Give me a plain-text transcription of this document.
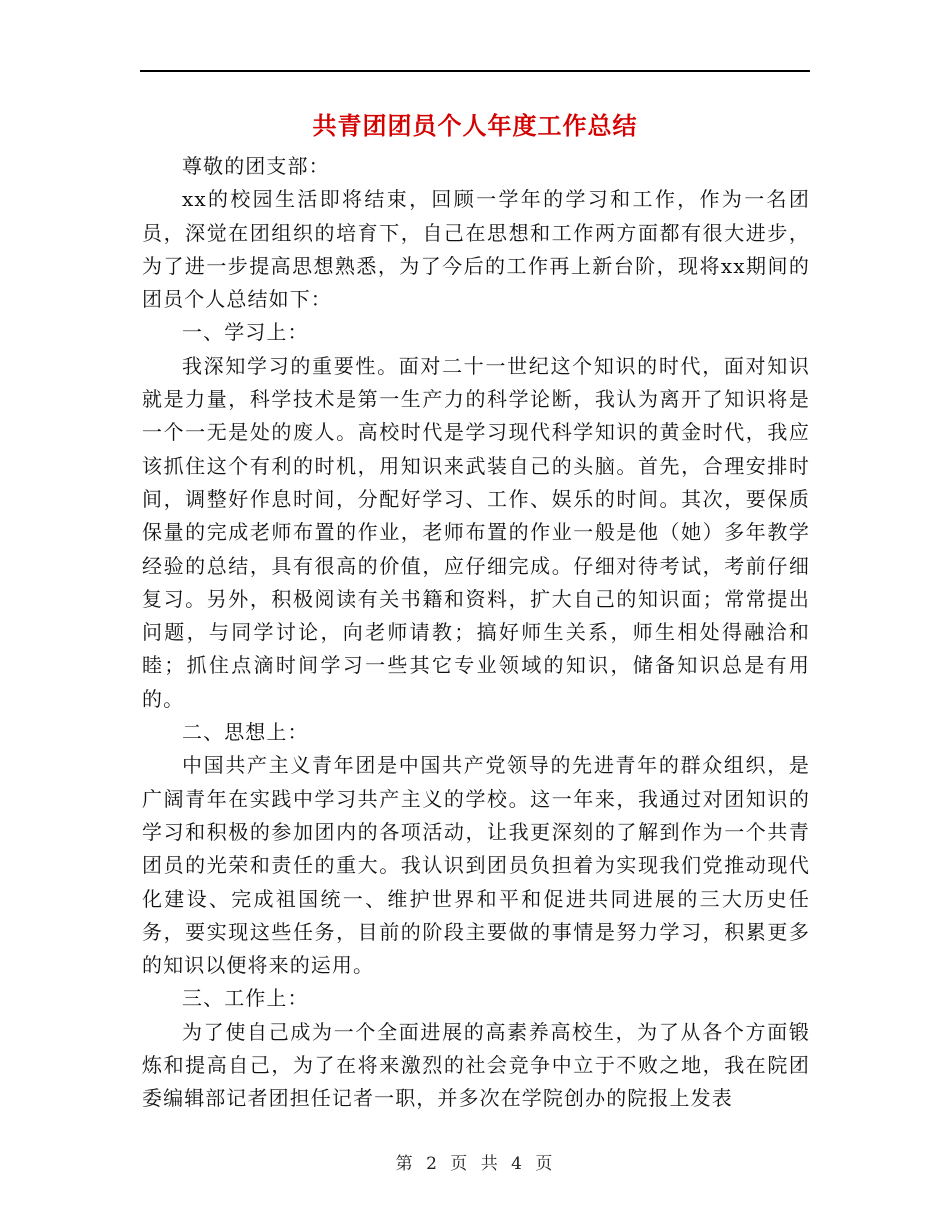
共青团团员个人年度工作总结

尊敬的团支部：

xx的校园生活即将结束，回顾一学年的学习和工作，作为一名团员，深觉在团组织的培育下，自己在思想和工作两方面都有很大进步，为了进一步提高思想熟悉，为了今后的工作再上新台阶，现将xx期间的团员个人总结如下：

一、学习上：

我深知学习的重要性。面对二十一世纪这个知识的时代，面对知识就是力量，科学技术是第一生产力的科学论断，我认为离开了知识将是一个一无是处的废人。高校时代是学习现代科学知识的黄金时代，我应该抓住这个有利的时机，用知识来武装自己的头脑。首先，合理安排时间，调整好作息时间，分配好学习、工作、娱乐的时间。其次，要保质保量的完成老师布置的作业，老师布置的作业一般是他（她）多年教学经验的总结，具有很高的价值，应仔细完成。仔细对待考试，考前仔细复习。另外，积极阅读有关书籍和资料，扩大自己的知识面；常常提出问题，与同学讨论，向老师请教；搞好师生关系，师生相处得融洽和睦；抓住点滴时间学习一些其它专业领域的知识，储备知识总是有用的。

二、思想上：

中国共产主义青年团是中国共产党领导的先进青年的群众组织，是广阔青年在实践中学习共产主义的学校。这一年来，我通过对团知识的学习和积极的参加团内的各项活动，让我更深刻的了解到作为一个共青团员的光荣和责任的重大。我认识到团员负担着为实现我们党推动现代化建设、完成祖国统一、维护世界和平和促进共同进展的三大历史任务，要实现这些任务，目前的阶段主要做的事情是努力学习，积累更多的知识以便将来的运用。

三、工作上：

为了使自己成为一个全面进展的高素养高校生，为了从各个方面锻炼和提高自己，为了在将来激烈的社会竞争中立于不败之地，我在院团委编辑部记者团担任记者一职，并多次在学院创办的院报上发表

第 2 页 共 4 页
